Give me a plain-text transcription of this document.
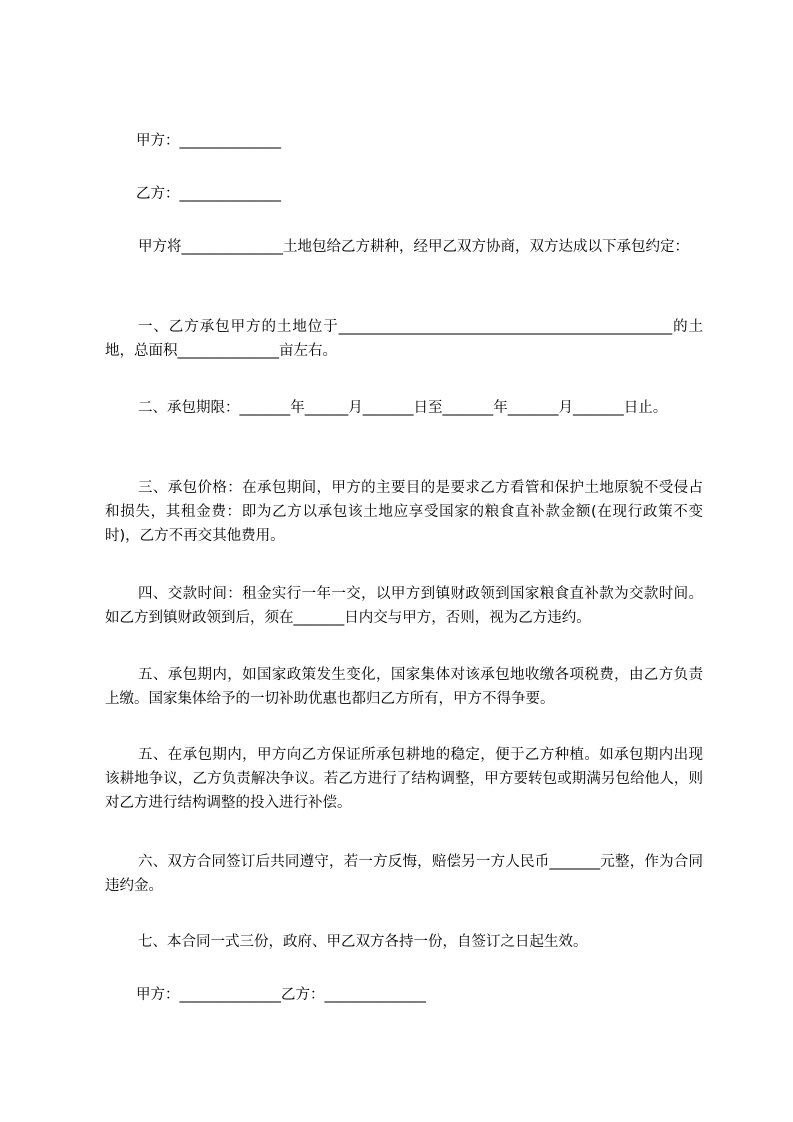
甲方：______________

乙方：______________

甲方将______________土地包给乙方耕种，经甲乙双方协商，双方达成以下承包约定：

一、乙方承包甲方的土地位于______________________________________________的土地，总面积______________亩左右。

二、承包期限：_______年______月_______日至_______年_______月_______日止。

三、承包价格：在承包期间，甲方的主要目的是要求乙方看管和保护土地原貌不受侵占和损失，其租金费：即为乙方以承包该土地应享受国家的粮食直补款金额(在现行政策不变时)，乙方不再交其他费用。

四、交款时间：租金实行一年一交，以甲方到镇财政领到国家粮食直补款为交款时间。如乙方到镇财政领到后，须在_______日内交与甲方，否则，视为乙方违约。

五、承包期内，如国家政策发生变化，国家集体对该承包地收缴各项税费，由乙方负责上缴。国家集体给予的一切补助优惠也都归乙方所有，甲方不得争要。

五、在承包期内，甲方向乙方保证所承包耕地的稳定，便于乙方种植。如承包期内出现该耕地争议，乙方负责解决争议。若乙方进行了结构调整，甲方要转包或期满另包给他人，则对乙方进行结构调整的投入进行补偿。

六、双方合同签订后共同遵守，若一方反悔，赔偿另一方人民币_______元整，作为合同违约金。

七、本合同一式三份，政府、甲乙双方各持一份，自签订之日起生效。

甲方：______________乙方：______________
